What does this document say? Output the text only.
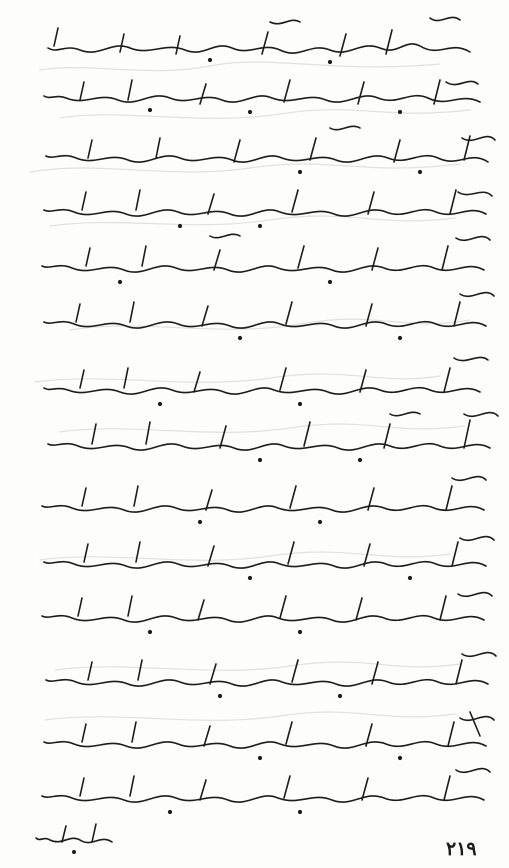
۲۱۹
